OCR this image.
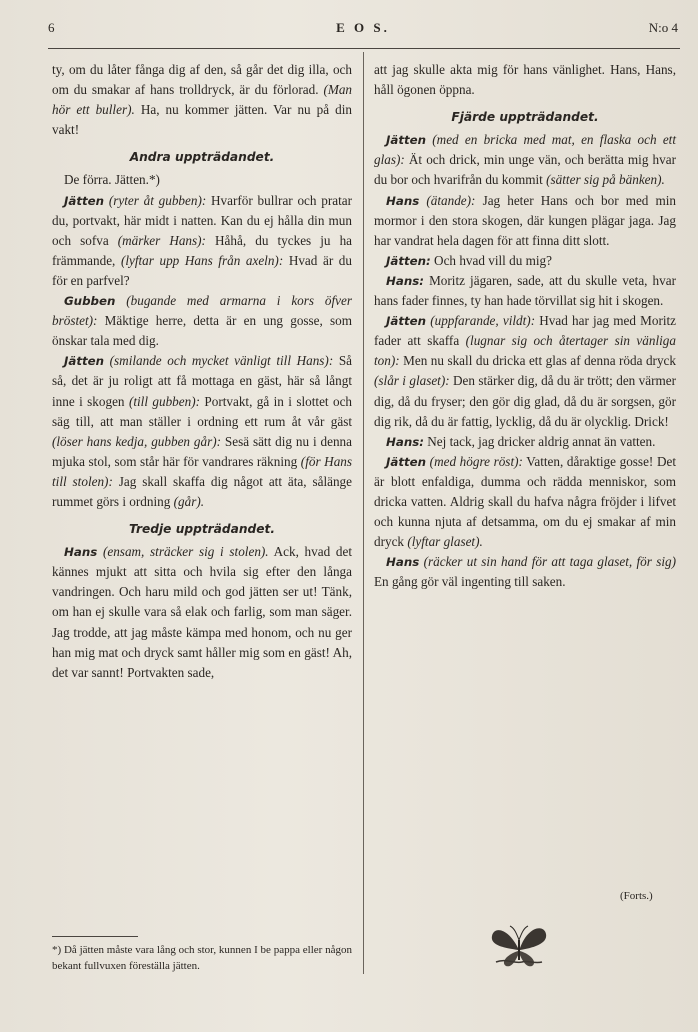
6	E O S.	N:o 4

ty, om du låter fånga dig af den, så går det dig illa, och om du smakar af hans trolldryck, är du förlorad. (Man hör ett buller). Ha, nu kommer jätten. Var nu på din vakt!

Andra uppträdandet.

De förra. Jätten.*)

Jätten (ryter åt gubben): Hvarför bullrar och pratar du, portvakt, här midt i natten. Kan du ej hålla din mun och sofva (märker Hans): Håhå, du tyckes ju ha främmande, (lyftar upp Hans från axeln): Hvad är du för en parfvel?

Gubben (bugande med armarna i kors öfver bröstet): Mäktige herre, detta är en ung gosse, som önskar tala med dig.

Jätten (smilande och mycket vänligt till Hans): Så så, det är ju roligt att få mottaga en gäst, här så långt inne i skogen (till gubben): Portvakt, gå in i slottet och säg till, att man ställer i ordning ett rum åt vår gäst (löser hans kedja, gubben går): Sesä sätt dig nu i denna mjuka stol, som står här för vandrares räkning (för Hans till stolen): Jag skall skaffa dig något att äta, sålänge rummet görs i ordning (går).

Tredje uppträdandet.

Hans (ensam, sträcker sig i stolen). Ack, hvad det kännes mjukt att sitta och hvila sig efter den långa vandringen. Och haru mild och god jätten ser ut! Tänk, om han ej skulle vara så elak och farlig, som man säger. Jag trodde, att jag måste kämpa med honom, och nu ger han mig mat och dryck samt håller mig som en gäst! Ah, det var sannt! Portvakten sade,

*) Då jätten måste vara lång och stor, kunnen I be pappa eller någon bekant fullvuxen föreställa jätten.

att jag skulle akta mig för hans vänlighet. Hans, Hans, håll ögonen öppna.

Fjärde uppträdandet.

Jätten (med en bricka med mat, en flaska och ett glas): Ät och drick, min unge vän, och berätta mig hvar du bor och hvarifrån du kommit (sätter sig på bänken).

Hans (ätande): Jag heter Hans och bor med min mormor i den stora skogen, där kungen plägar jaga. Jag har vandrat hela dagen för att finna ditt slott.

Jätten: Och hvad vill du mig?

Hans: Moritz jägaren, sade, att du skulle veta, hvar hans fader finnes, ty han hade törvillat sig hit i skogen.

Jätten (uppfarande, vildt): Hvad har jag med Moritz fader att skaffa (lugnar sig och återtager sin vänliga ton): Men nu skall du dricka ett glas af denna röda dryck (slår i glaset): Den stärker dig, då du är trött; den värmer dig, då du fryser; den gör dig glad, då du är sorgsen, gör dig rik, då du är fattig, lycklig, då du är olycklig. Drick!

Hans: Nej tack, jag dricker aldrig annat än vatten.

Jätten (med högre röst): Vatten, dåraktige gosse! Det är blott enfaldiga, dumma och rädda menniskor, som dricka vatten. Aldrig skall du hafva några fröjder i lifvet och kunna njuta af detsamma, om du ej smakar af min dryck (lyftar glaset).

Hans (räcker ut sin hand för att taga glaset, för sig) En gång gör väl ingenting till saken.

(Forts.)
